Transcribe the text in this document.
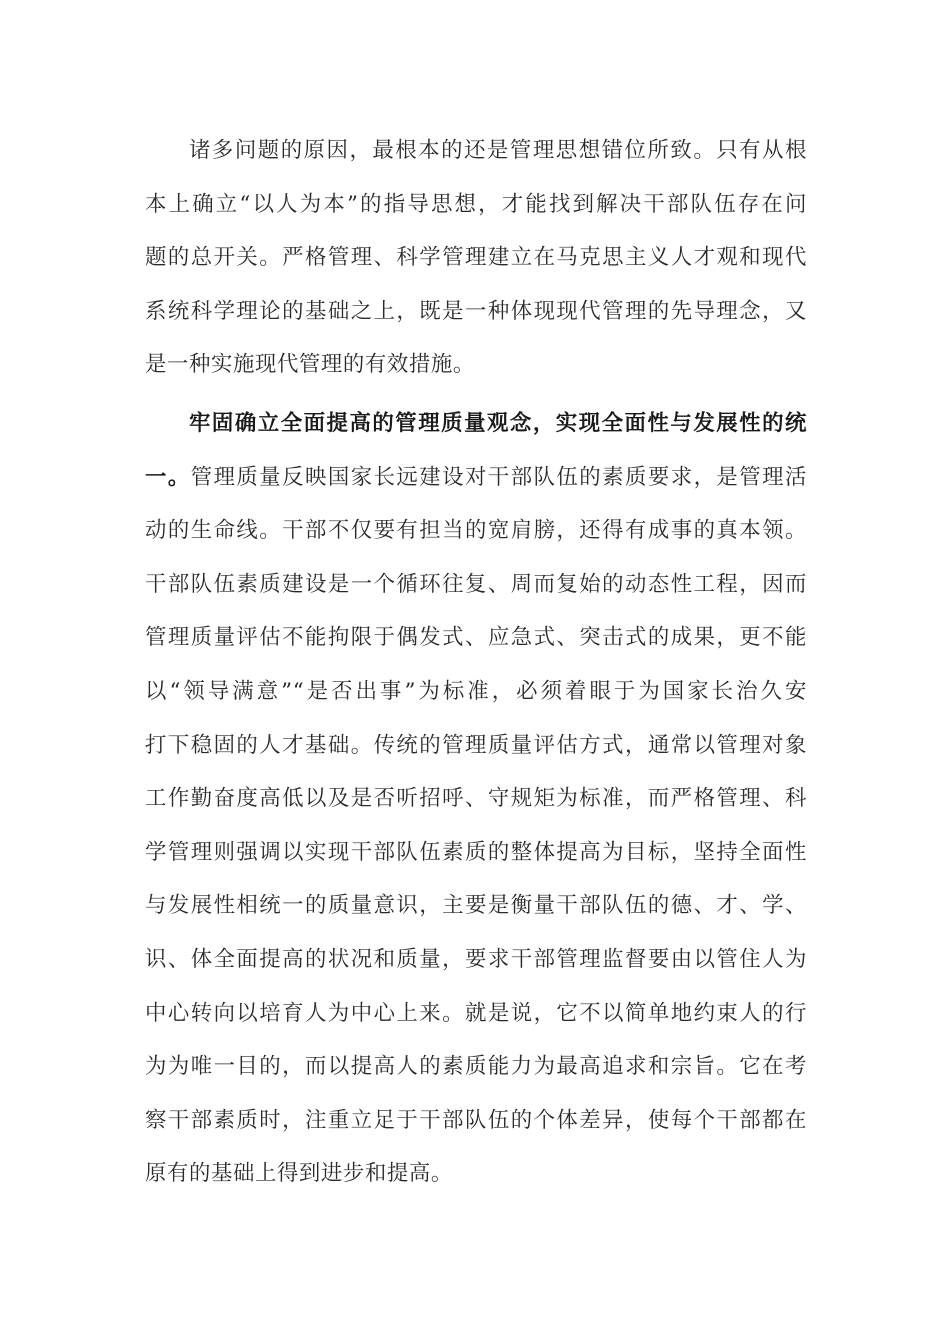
诸多问题的原因，最根本的还是管理思想错位所致。只有从根
本上确立“以人为本”的指导思想，才能找到解决干部队伍存在问
题的总开关。严格管理、科学管理建立在马克思主义人才观和现代
系统科学理论的基础之上，既是一种体现现代管理的先导理念，又
是一种实施现代管理的有效措施。

牢固确立全面提高的管理质量观念，实现全面性与发展性的统
一。管理质量反映国家长远建设对干部队伍的素质要求，是管理活
动的生命线。干部不仅要有担当的宽肩膀，还得有成事的真本领。
干部队伍素质建设是一个循环往复、周而复始的动态性工程，因而
管理质量评估不能拘限于偶发式、应急式、突击式的成果，更不能
以“领导满意”“是否出事”为标准，必须着眼于为国家长治久安
打下稳固的人才基础。传统的管理质量评估方式，通常以管理对象
工作勤奋度高低以及是否听招呼、守规矩为标准，而严格管理、科
学管理则强调以实现干部队伍素质的整体提高为目标，坚持全面性
与发展性相统一的质量意识，主要是衡量干部队伍的德、才、学、
识、体全面提高的状况和质量，要求干部管理监督要由以管住人为
中心转向以培育人为中心上来。就是说，它不以简单地约束人的行
为为唯一目的，而以提高人的素质能力为最高追求和宗旨。它在考
察干部素质时，注重立足于干部队伍的个体差异，使每个干部都在
原有的基础上得到进步和提高。
